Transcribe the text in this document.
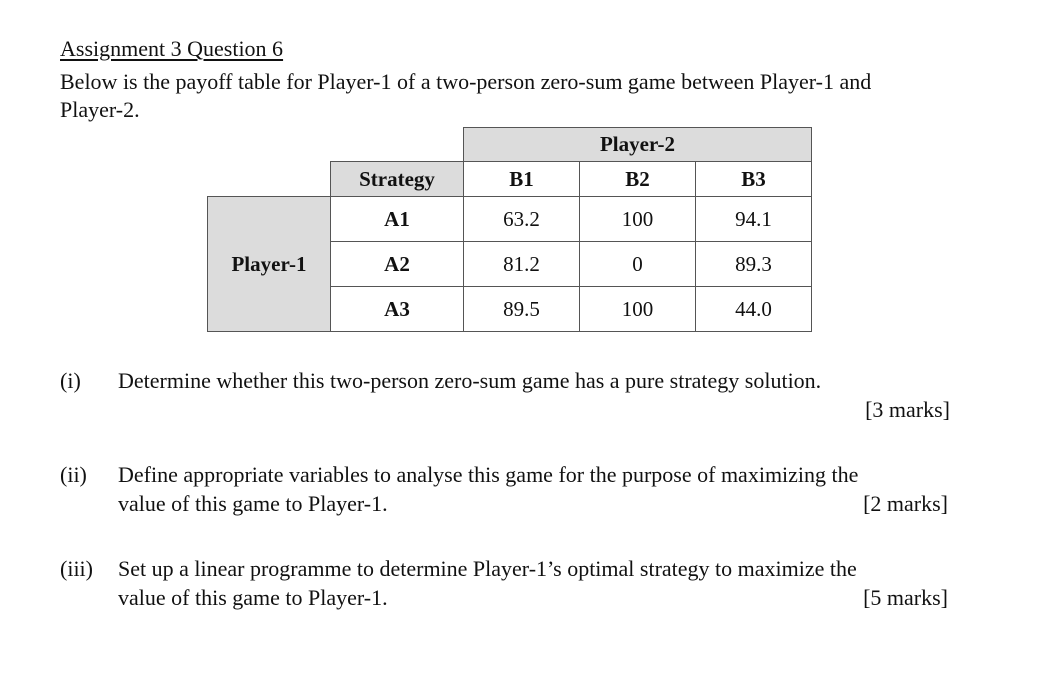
Assignment 3 Question 6

Below is the payoff table for Player-1 of a two-person zero-sum game between Player-1 and

Player-2.

		Player-2		
	Strategy	B1	B2	B3
Player-1	A1	63.2	100	94.1
	A2	81.2	0	89.3
	A3	89.5	100	44.0
(i) Determine whether this two-person zero-sum game has a pure strategy solution.
[3 marks]
(ii) Define appropriate variables to analyse this game for the purpose of maximizing the
value of this game to Player-1.	[2 marks]
(iii) Set up a linear programme to determine Player-1’s optimal strategy to maximize the
value of this game to Player-1.	[5 marks]
